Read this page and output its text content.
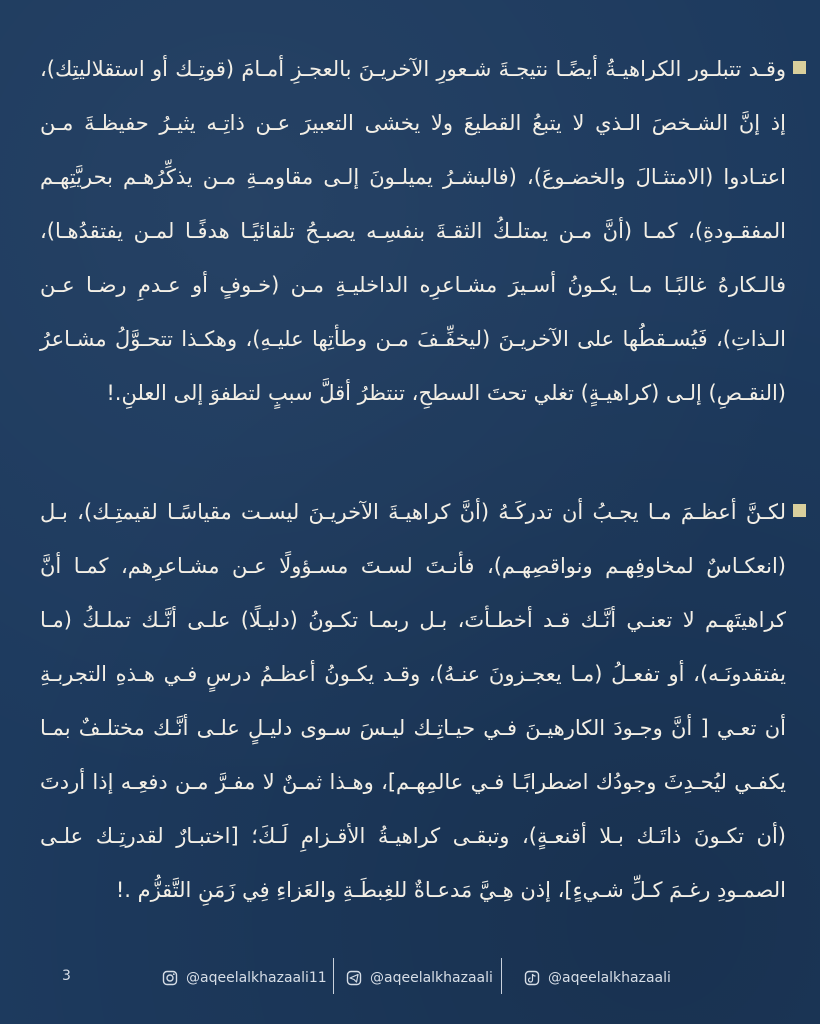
وقـد تتبلـور الكراهيـةُ أيضًـا نتيجـةَ شـعورِ الآخريـنَ بالعجـزِ أمـامَ (قوتِـك أو استقلاليتِك)، إذ إنَّ الشـخصَ الـذي لا يتبعُ القطيعَ ولا يخشى التعبيرَ عـن ذاتِـه يثيـرُ حفيظـةَ مـن اعتـادوا (الامتثـالَ والخضـوعَ)، (فالبشـرُ يميلـونَ إلـى مقاومـةِ مـن يذكِّرُهـم بحريَّتِهـم المفقـودةِ)، كمـا (أنَّ مـن يمتلـكُ الثقـةَ بنفسِـه يصبـحُ تلقائيًـا هدفًـا لمـن يفتقدُهـا)، فالـكارهُ غالبًـا مـا يكـونُ أسـيرَ مشـاعرِه الداخليـةِ مـن (خـوفٍ أو عـدمِ رضـا عـن الـذاتِ)، فَيُسـقطُها على الآخريـنَ (ليخفِّـفَ مـن وطأتِها عليـهِ)، وهكـذا تتحـوَّلُ مشـاعرُ (النقـصِ) إلـى (كراهيـةٍ) تغلي تحتَ السطحِ، تنتظرُ أقلَّ سببٍ لتطفوَ إلى العلنِ.!

لكـنَّ أعظـمَ مـا يجـبُ أن تدركَـهُ (أنَّ كراهيـةَ الآخريـنَ ليسـت مقياسًـا لقيمتِـك)، بـل (انعكـاسٌ لمخاوفِهـم ونواقصِهـم)، فأنـتَ لسـتَ مسـؤولًا عـن مشـاعرِهم، كمـا أنَّ كراهيتَهـم لا تعنـي أنَّـك قـد أخطـأتَ، بـل ربمـا تكـونُ (دليـلًا) علـى أنَّـك تملـكُ (مـا يفتقدونَـه)، أو تفعـلُ (مـا يعجـزونَ عنـهُ)، وقـد يكـونُ أعظـمُ درسٍ فـي هـذهِ التجربـةِ أن تعـي [ أنَّ وجـودَ الكارهيـنَ فـي حيـاتِـك ليـسَ سـوى دليـلٍ علـى أنَّـك مختلـفٌ بمـا يكفـي ليُحـدِثَ وجودُك اضطرابًـا فـي عالمِهـم]، وهـذا ثمـنٌ لا مفـرَّ مـن دفعِـه إذا أردتَ (أن تكـونَ ذاتَـك بـلا أقنعـةٍ)، وتبقـى كراهيـةُ الأقـزامِ لَـكَ؛ [اختبـارٌ لقدرتِـك علـى الصمـودِ رغـمَ كـلِّ شـيءٍ]، إذن هِـيَّ مَدعـاةٌ للغِبطَـةِ والعَزاءِ فِي زَمَنِ التَّقزُّم .!

3	@aqeelalkhazaali11	@aqeelalkhazaali	@aqeelalkhazaali
